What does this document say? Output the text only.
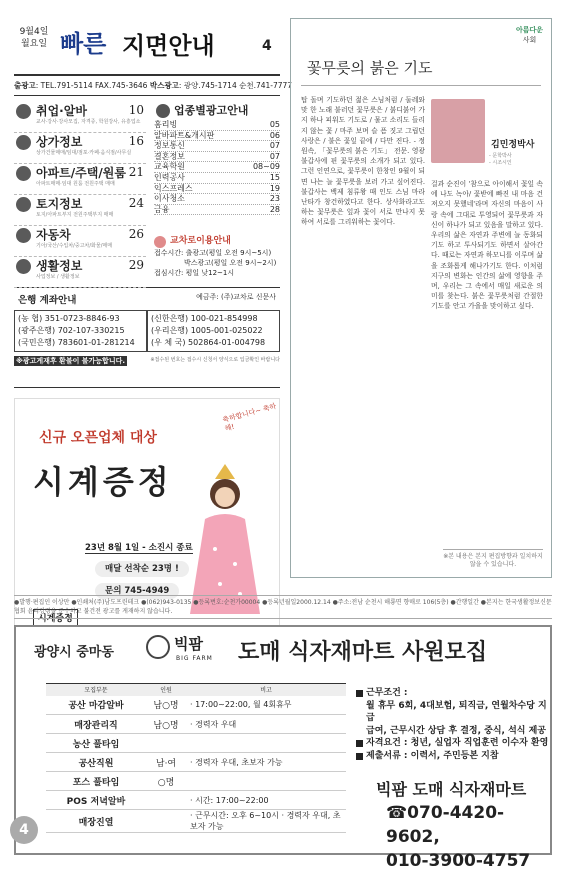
9월4일
월요일 빠른 지면안내	4
출광고: TEL.791-5114 FAX.745-3646 박스광고: 광양.745-1714 순천.741-7777
취업·알바	10
교사·강사·강사모집, 자격증, 학원강사, 유흥업소
상가정보	16
상가건물매매/임대/점포·카페·음식점/사무실
아파트/주택/원룸 21
아파트매매·임대 원룸 전원주택 매매
토지정보	24
토지/아파트부지 전원주택부지 매매
자동차	26
기아/국산/수입차/중고차/화물/매매
생활정보	29
사업정보 / 생활정보
업종별광고안내
홈리빙	05
알바파트&개시판	06
정보통신	07
결혼정보	07
교육학원	08~09
인력공사	15
익스프레스	19
이사청소	23
금융	28
교차로이용안내
접수시간: 출광고(평일 오전 9시~5시)
박스광고(평일 오전 9시~2시)
접심시간: 평일 낮12~1시
은행 계좌안내	예금주: (주)교차로 신문사
(농 협) 351-0723-8846-93
(광주은행) 702-107-330215
(국민은행) 783601-01-281214
(신한은행) 100-021-854998
(우리은행) 1005-001-025022
(우 체 국) 502864-01-004798
※광고게재후 환불이 불가능합니다.	※접수된 번호는 접수시 신청서 양식으로 입금확인 바랍니다
신규 오픈업체 대상
시계증정
축하합니다~ 축하해!
23년 8월 1일 - 소진시 종료
매달 선착순 23명 !
문의 745-4949
시계증정
아름다운
사회
꽃무릇의 붉은 기도
탑 돌며 기도하던 젊은 스님처럼 / 둘레와 맞 한 노래 불러던 꽃무릇은 / 붉디붉어 가지 하나 피워도 기도로 / 물고 소리도 들리지 않는 꽃 / 마주 보며 슬 픔 짓고 그립던 사랑은 / 불은 꽃잎 끝에 / 다만 진다. - 정원속, 「꽃무릇의 붉은 기도」 전문. 영광 불갑사에 핀 꽃무릇의 소개가 되고 있다. 그런 인연으로, 꽃무릇이 한창인 9월이 되면 나는 늘 꽃무릇을 보러 가고 싶어진다. 불갑사는 백제 침류왕 때 인도 스님 마라난타가 창건하였다고 한다. 상사화라고도 하는 꽃무릇은 잎과 꽃이 서로 만나지 못하여 서로를 그리워하는 꽃이다.
김민정박사
- 문학박사
- 시조시인
걸과 순진이 '참으로 아이해서 꽃잎 속에 나도 녹아/ 꽃받에 빠진 내 마음 건져오지 못했네'라며 자신의 마음이 사랑 속에 그대로 투영되어 꽃무릇과 자신이 하나가 되고 있음을 말하고 있다. 우리의 삶은 자연과 주변에 늘 동화되기도 하고 투사되기도 하면서 살아간다. 때로는 자연과 하모니를 이루며 삶을 조화롭게 해나가기도 한다. 이처럼 지구의 변화는 인간의 삶에 영향을 주며, 우리는 그 속에서 매일 새로운 의미를 찾는다. 붉은 꽃무릇처럼 간절한 기도를 안고 가을을 맞이하고 싶다.
※본 내용은 본지 편집방향과 일치하지 않을 수 있습니다.
●발행·편집인 이상만 ●인쇄처(주)남도프린테크 ●(062)943-0135 ●등록번호:순천가00004 ●등록년월일2000.12.14 ●주소:전남 순천시 해룡면 향매로 106(5층) ●간행일간 ●본지는 한국생활정보신문협회 윤리강령을 준수하고 불건전 광고를 게재하지 않습니다.
광양시 중마동	빅팜
BIG FARM 도매 식자재마트 사원모집
모집부문	인원	비고
공산 마감알바	남○명	· 17:00~22:00, 월 4회휴무
매장관리직	남○명	· 경력자 우대
농산 풀타임		
공산직원	남·여	· 경력자 우대, 초보자 가능
포스 풀타임	○명	
POS 저녁알바		· 시간: 17:00~22:00
매장진열		· 근무시간: 오후 6~10시 · 경력자 우대, 초보자 가능
근무조건 :
월 휴무 6회, 4대보험, 퇴직금, 연월차수당 지급
급여, 근무시간 상담 후 결정, 중식, 석식 제공
자격요건 : 청년, 실업자 직업훈련 이수자 환영
제출서류 : 이력서, 주민등본 지참
빅팜 도매 식자재마트
☎070-4420-9602,
010-3900-4757
4
